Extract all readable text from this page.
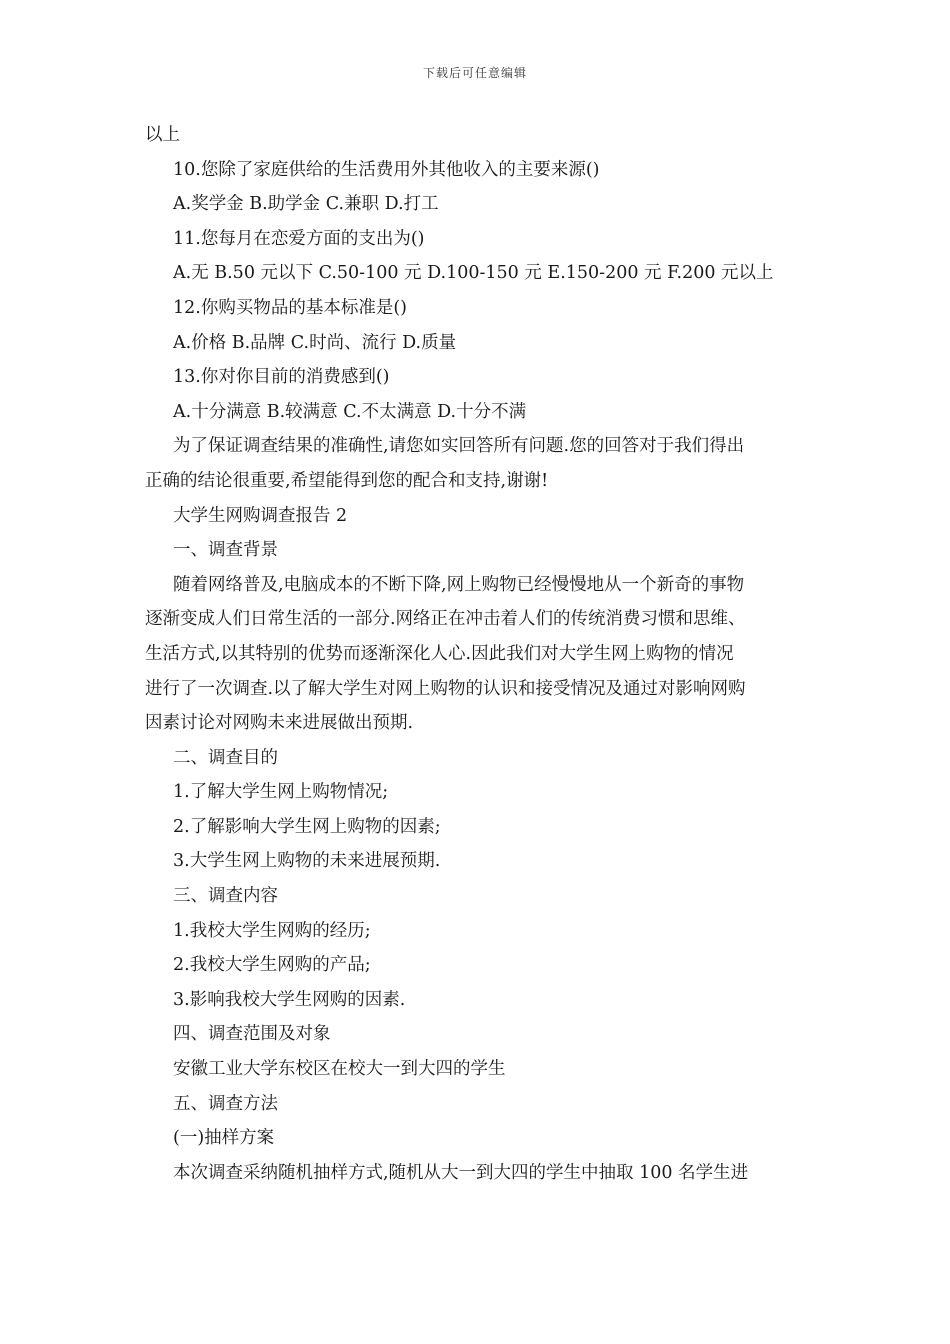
下载后可任意编辑
以上
10.您除了家庭供给的生活费用外其他收入的主要来源()
A.奖学金 B.助学金 C.兼职 D.打工
11.您每月在恋爱方面的支出为()
A.无 B.50 元以下 C.50-100 元 D.100-150 元 E.150-200 元 F.200 元以上
12.你购买物品的基本标准是()
A.价格 B.品牌 C.时尚、流行 D.质量
13.你对你目前的消费感到()
A.十分满意 B.较满意 C.不太满意 D.十分不满
为了保证调查结果的准确性,请您如实回答所有问题.您的回答对于我们得出
正确的结论很重要,希望能得到您的配合和支持,谢谢!
大学生网购调查报告 2
一、调查背景
随着网络普及,电脑成本的不断下降,网上购物已经慢慢地从一个新奇的事物
逐渐变成人们日常生活的一部分.网络正在冲击着人们的传统消费习惯和思维、
生活方式,以其特别的优势而逐渐深化人心.因此我们对大学生网上购物的情况
进行了一次调查.以了解大学生对网上购物的认识和接受情况及通过对影响网购
因素讨论对网购未来进展做出预期.
二、调查目的
1.了解大学生网上购物情况;
2.了解影响大学生网上购物的因素;
3.大学生网上购物的未来进展预期.
三、调查内容
1.我校大学生网购的经历;
2.我校大学生网购的产品;
3.影响我校大学生网购的因素.
四、调查范围及对象
安徽工业大学东校区在校大一到大四的学生
五、调查方法
(一)抽样方案
本次调查采纳随机抽样方式,随机从大一到大四的学生中抽取 100 名学生进
